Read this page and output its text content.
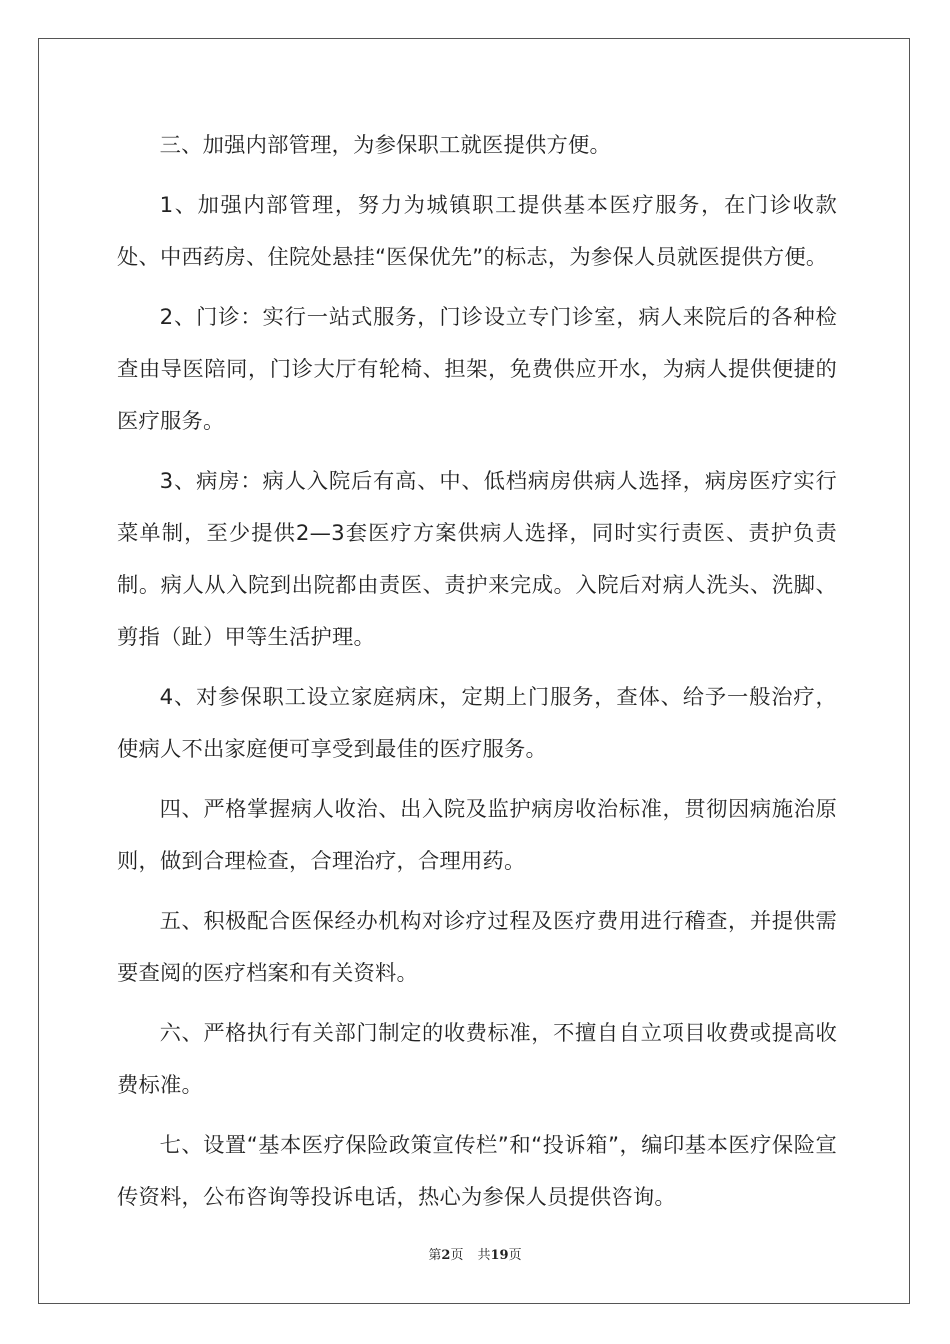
三、加强内部管理，为参保职工就医提供方便。

1、加强内部管理，努力为城镇职工提供基本医疗服务，在门诊收款处、中西药房、住院处悬挂“医保优先”的标志，为参保人员就医提供方便。

2、门诊：实行一站式服务，门诊设立专门诊室，病人来院后的各种检查由导医陪同，门诊大厅有轮椅、担架，免费供应开水，为病人提供便捷的医疗服务。

3、病房：病人入院后有高、中、低档病房供病人选择，病房医疗实行菜单制，至少提供2—3套医疗方案供病人选择，同时实行责医、责护负责制。病人从入院到出院都由责医、责护来完成。入院后对病人洗头、洗脚、剪指（趾）甲等生活护理。

4、对参保职工设立家庭病床，定期上门服务，查体、给予一般治疗，使病人不出家庭便可享受到最佳的医疗服务。

四、严格掌握病人收治、出入院及监护病房收治标准，贯彻因病施治原则，做到合理检查，合理治疗，合理用药。

五、积极配合医保经办机构对诊疗过程及医疗费用进行稽查，并提供需要查阅的医疗档案和有关资料。

六、严格执行有关部门制定的收费标准，不擅自自立项目收费或提高收费标准。

七、设置“基本医疗保险政策宣传栏”和“投诉箱”，编印基本医疗保险宣传资料，公布咨询等投诉电话，热心为参保人员提供咨询。

第2页 共19页
